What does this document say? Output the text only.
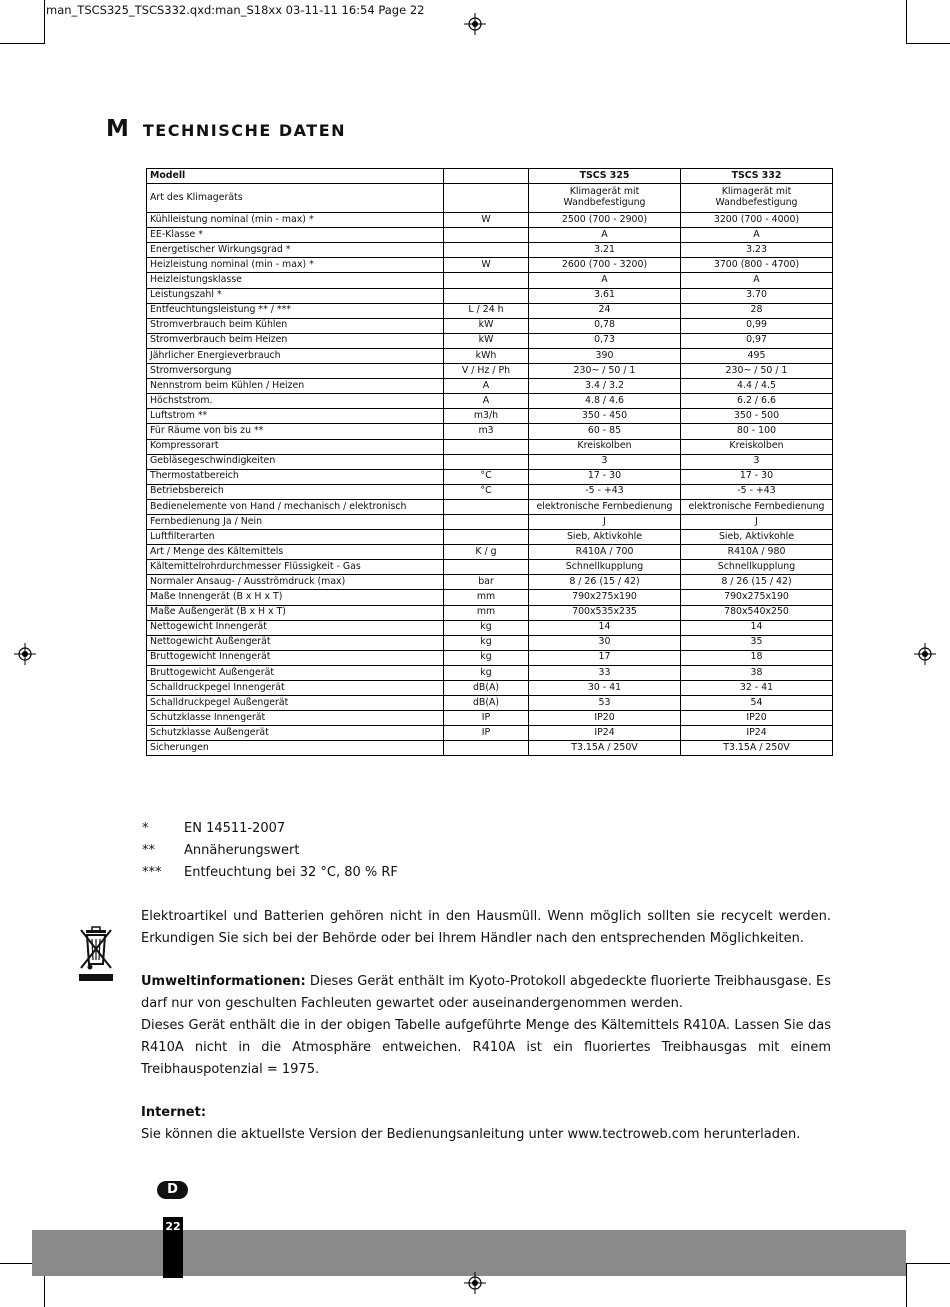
man_TSCS325_TSCS332.qxd:man_S18xx 03-11-11 16:54 Page 22
M TECHNISCHE DATEN
Modell		TSCS 325	TSCS 332
Art des Klimageräts		Klimagerät mit Wandbefestigung	Klimagerät mit Wandbefestigung
Kühlleistung nominal (min - max) *	W	2500 (700 - 2900)	3200 (700 - 4000)
EE-Klasse *		A	A
Energetischer Wirkungsgrad *		3.21	3.23
Heizleistung nominal (min - max) *	W	2600 (700 - 3200)	3700 (800 - 4700)
Heizleistungsklasse		A	A
Leistungszahl *		3.61	3.70
Entfeuchtungsleistung ** / ***	L / 24 h	24	28
Stromverbrauch beim Kühlen	kW	0,78	0,99
Stromverbrauch beim Heizen	kW	0,73	0,97
Jährlicher Energieverbrauch	kWh	390	495
Stromversorgung	V / Hz / Ph	230~ / 50 / 1	230~ / 50 / 1
Nennstrom beim Kühlen / Heizen	A	3.4 / 3.2	4.4 / 4.5
Höchststrom.	A	4.8 / 4.6	6.2 / 6.6
Luftstrom **	m3/h	350 - 450	350 - 500
Für Räume von bis zu **	m3	60 - 85	80 - 100
Kompressorart		Kreiskolben	Kreiskolben
Gebläsegeschwindigkeiten		3	3
Thermostatbereich	°C	17 - 30	17 - 30
Betriebsbereich	°C	-5 - +43	-5 - +43
Bedienelemente von Hand / mechanisch / elektronisch		elektronische Fernbedienung	elektronische Fernbedienung
Fernbedienung Ja / Nein		J	J
Luftfilterarten		Sieb, Aktivkohle	Sieb, Aktivkohle
Art / Menge des Kältemittels	K / g	R410A / 700	R410A / 980
Kältemittelrohrdurchmesser Flüssigkeit - Gas		Schnellkupplung	Schnellkupplung
Normaler Ansaug- / Ausströmdruck (max)	bar	8 / 26 (15 / 42)	8 / 26 (15 / 42)
Maße Innengerät (B x H x T)	mm	790x275x190	790x275x190
Maße Außengerät (B x H x T)	mm	700x535x235	780x540x250
Nettogewicht Innengerät	kg	14	14
Nettogewicht Außengerät	kg	30	35
Bruttogewicht Innengerät	kg	17	18
Bruttogewicht Außengerät	kg	33	38
Schalldruckpegel Innengerät	dB(A)	30 - 41	32 - 41
Schalldruckpegel Außengerät	dB(A)	53	54
Schutzklasse Innengerät	IP	IP20	IP20
Schutzklasse Außengerät	IP	IP24	IP24
Sicherungen		T3.15A / 250V	T3.15A / 250V
*	EN 14511-2007
** Annäherungswert
*** Entfeuchtung bei 32 °C, 80 % RF
Elektroartikel und Batterien gehören nicht in den Hausmüll. Wenn möglich sollten sie recycelt werden. Erkundigen Sie sich bei der Behörde oder bei Ihrem Händler nach den entsprechenden Möglichkeiten.
Umweltinformationen: Dieses Gerät enthält im Kyoto-Protokoll abgedeckte fluorierte Treibhausgase. Es darf nur von geschulten Fachleuten gewartet oder auseinandergenommen werden.
Dieses Gerät enthält die in der obigen Tabelle aufgeführte Menge des Kältemittels R410A. Lassen Sie das R410A nicht in die Atmosphäre entweichen. R410A ist ein fluoriertes Treibhausgas mit einem Treibhauspotenzial = 1975.
Internet:
Sie können die aktuellste Version der Bedienungsanleitung unter www.tectroweb.com herunterladen.
D
22
